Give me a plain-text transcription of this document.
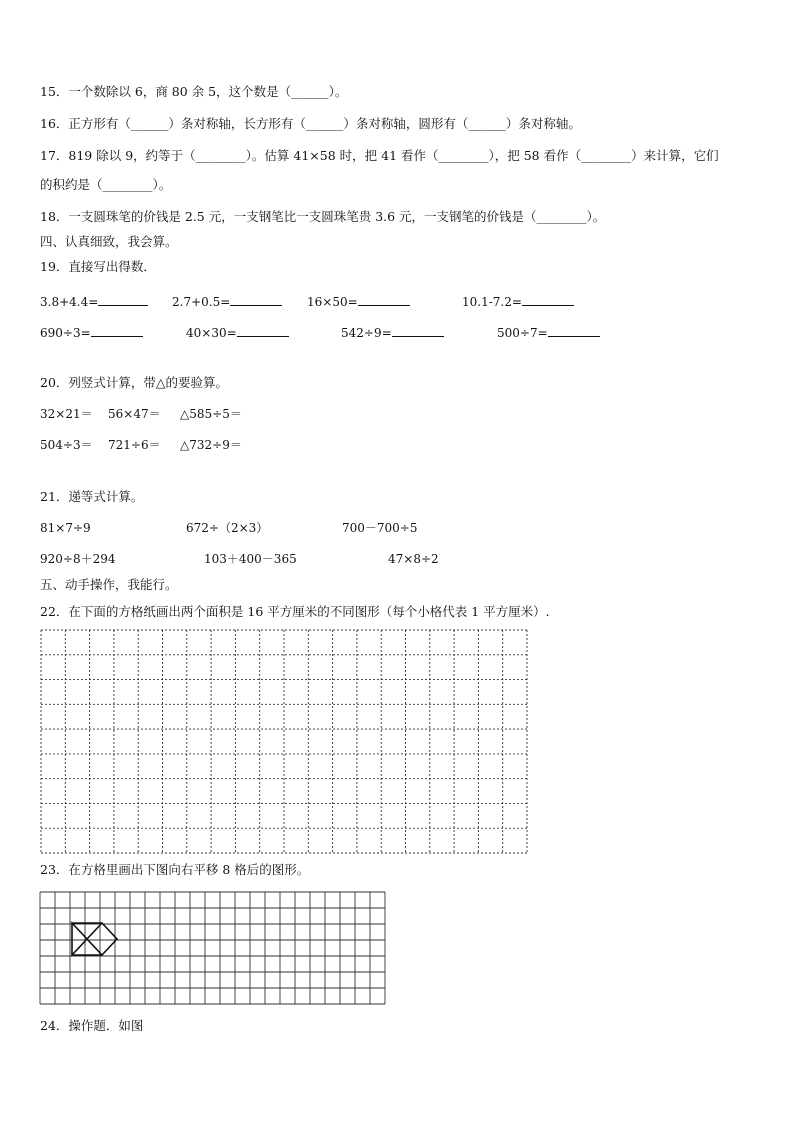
15．一个数除以 6，商 80 余 5，这个数是（______）。
16．正方形有（______）条对称轴，长方形有（______）条对称轴，圆形有（______）条对称轴。
17．819 除以 9，约等于（________）。估算 41×58 时，把 41 看作（________），把 58 看作（________）来计算，它们
的积约是（________）。
18．一支圆珠笔的价钱是 2.5 元，一支钢笔比一支圆珠笔贵 3.6 元，一支钢笔的价钱是（________）。
四、认真细致，我会算。
19．直接写出得数．
3.8+4.4=	2.7+0.5=	16×50=	10.1-7.2=
690÷3=	40×30=	542÷9=	500÷7=
20．列竖式计算，带△的要验算。
32×21＝ 56×47＝ △585÷5＝
504÷3＝ 721÷6＝ △732÷9＝
21．递等式计算。
81×7÷9	672÷（2×3）	700－700÷5
920÷8＋294	103＋400－365	47×8÷2
五、动手操作，我能行。
22．在下面的方格纸画出两个面积是 16 平方厘米的不同图形（每个小格代表 1 平方厘米）.
23．在方格里画出下图向右平移 8 格后的图形。
24．操作题．如图
